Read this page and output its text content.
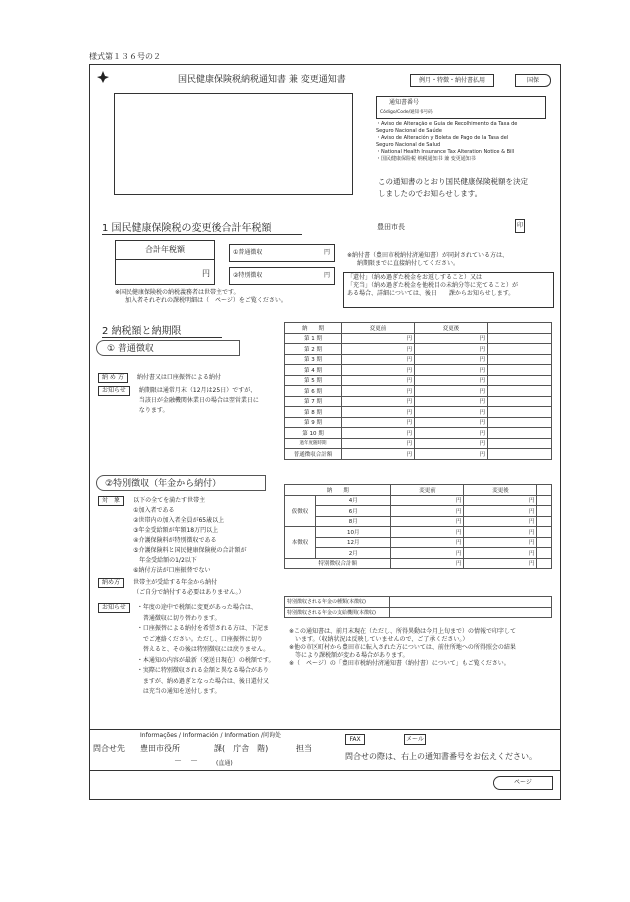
様式第１３６号の２
国民健康保険税納税通知書 兼 変更通知書	例月・特徴・納付書払用	国保
通知書番号
Código/Code/通知书号码
・Aviso de Alteração e Guia de Recolhimento da Taxa de
Seguro Nacional de Saúde
・Aviso de Alteración y Boleta de Pago de la Tasa del
Seguro Nacional de Salud
・National Health Insurance Tax Alteration Notice & Bill
・国民健康保险税 纳税通知书 兼 变更通知书
この通知書のとおり国民健康保険税額を決定
しましたのでお知らせします。
1 国民健康保険税の変更後合計年税額	豊田市長	印
合計年税額
円
①普通徴収	円
②特別徴収	円
※国民健康保険税の納税義務者は世帯主です。
加入者それぞれの課税明細は（　ページ）をご覧ください。
※納付書（豊田市税納付済通知書）が同封されている方は、
納期限までに直接納付してください。
「還付」（納め過ぎた税金をお返しすること）又は
「充当」（納め過ぎた税金を他税目の未納分等に充てること）が
ある場合、詳細については、後日　　課からお知らせします。
2 納税額と納期限
① 普通徴収
納 め 方 納付書又は口座振替による納付
お知らせ 納期限は通常月末（12月は25日）ですが、
当該日が金融機関休業日の場合は翌営業日に
なります。
納　　期	変更前	変更後	
第 1 期	円	円	
第 2 期	円	円	
第 3 期	円	円	
第 4 期	円	円	
第 5 期	円	円	
第 6 期	円	円	
第 7 期	円	円	
第 8 期	円	円	
第 9 期	円	円	
第 10 期	円	円	
過年度随時期	円	円	
普通徴収合計額	円	円	
②特別徴収（年金から納付）
対　象 以下の全てを満たす世帯主
①加入者である
②世帯内の加入者全員が65歳以上
③年金受給額が年額18万円以上
④介護保険料が特別徴収である
⑤介護保険料と国民健康保険税の合計額が
　年金受給額の1/2以下
⑥納付方法が口座振替でない
納め方 世帯主が受給する年金から納付
（ご自分で納付する必要はありません。）
お知らせ ・年度の途中で税額に変更があった場合は、
　普通徴収に切り替わります。
・口座振替による納付を希望される方は、下記ま
　でご連絡ください。ただし、口座振替に切り
　替えると、その後は特別徴収には戻りません。
・本通知の内容が最新（発送日現在）の税額です。
・実際に特別徴収される金額と異なる場合があり
　ますが、納め過ぎとなった場合は、後日還付又
　は充当の通知を送付します。
納　　期		変更前	変更後	
仮徴収	4月	円	円	
	6月	円	円	
	8月	円	円	
本徴収	10月	円	円	
	12月	円	円	
	2月	円	円	
特別徴収合計額		円	円	
特別徴収される年金の種類(本徴収)	
特別徴収される年金の支給機関(本徴収)	
※この通知書は、前月末現在（ただし、所得異動は今月上旬まで）の情報で印字して
　います。（収納状況は反映していませんので、ご了承ください。）
※他の市区町村から豊田市に転入された方については、前住所地への所得照会の結果
　等により課税額が変わる場合があります。
※（　ページ）の「豊田市税納付済通知書（納付書）について」もご覧ください。
Informações / Información / Information /问询处
問合せ先 豊田市役所	課(　庁舎　階)	担当
－　－	(直通)
FAX	メール
問合せの際は、右上の通知書番号をお伝えください。
ページ
